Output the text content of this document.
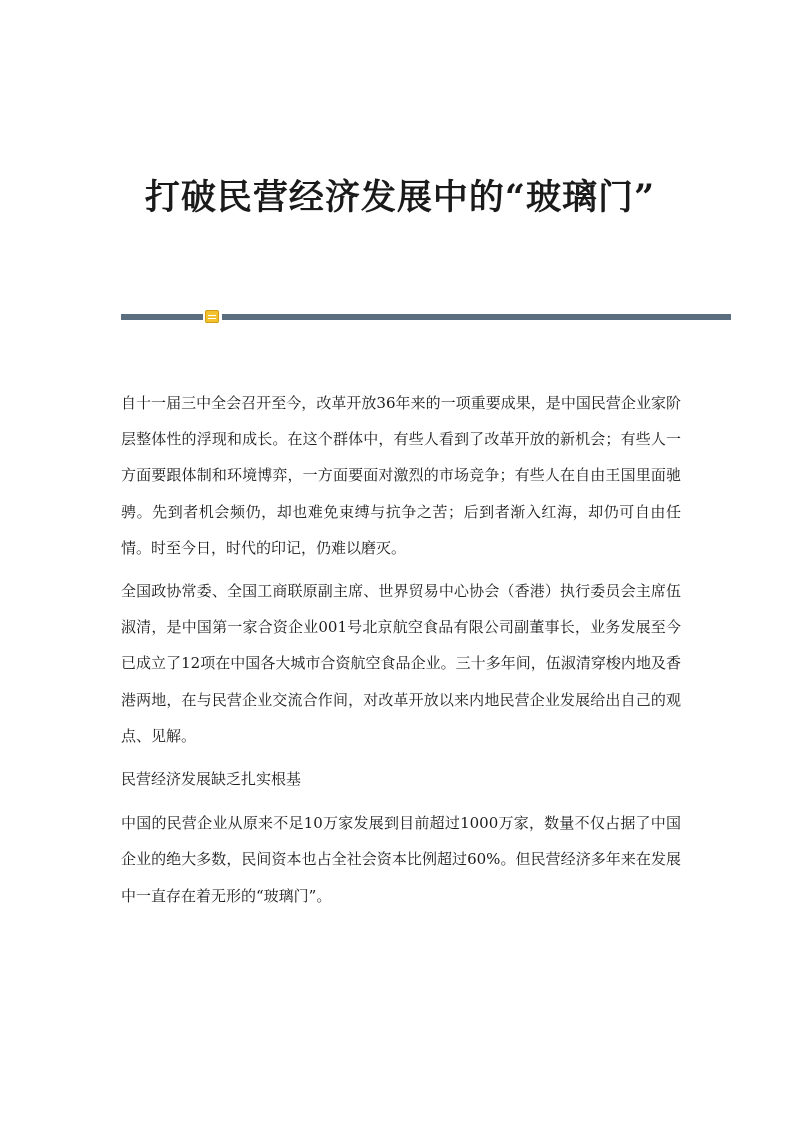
打破民营经济发展中的“玻璃门”

自十一届三中全会召开至今，改革开放36年来的一项重要成果，是中国民营企业家阶层整体性的浮现和成长。在这个群体中，有些人看到了改革开放的新机会；有些人一方面要跟体制和环境博弈，一方面要面对激烈的市场竞争；有些人在自由王国里面驰骋。先到者机会频仍，却也难免束缚与抗争之苦；后到者渐入红海，却仍可自由任情。时至今日，时代的印记，仍难以磨灭。

全国政协常委、全国工商联原副主席、世界贸易中心协会（香港）执行委员会主席伍淑清，是中国第一家合资企业001号北京航空食品有限公司副董事长，业务发展至今已成立了12项在中国各大城市合资航空食品企业。三十多年间，伍淑清穿梭内地及香港两地，在与民营企业交流合作间，对改革开放以来内地民营企业发展给出自己的观点、见解。

民营经济发展缺乏扎实根基

中国的民营企业从原来不足10万家发展到目前超过1000万家，数量不仅占据了中国企业的绝大多数，民间资本也占全社会资本比例超过60%。但民营经济多年来在发展中一直存在着无形的“玻璃门”。
